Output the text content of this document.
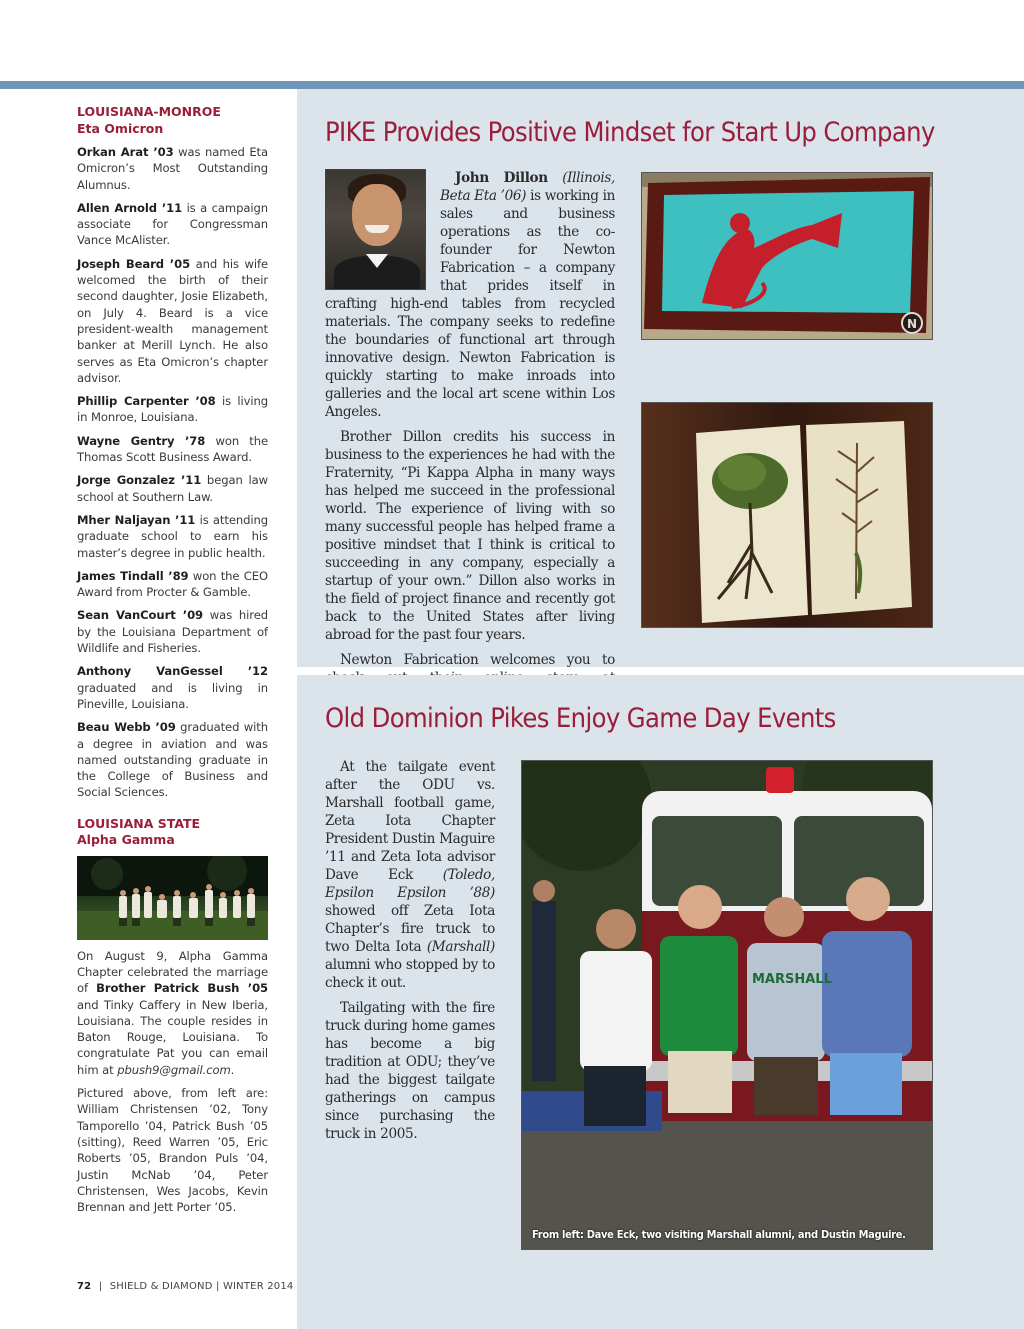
LOUISIANA-MONROE
Eta Omicron
Orkan Arat ’03 was named Eta Omicron’s Most Outstanding Alumnus.
Allen Arnold ’11 is a campaign associate for Congressman Vance McAlister.
Joseph Beard ’05 and his wife welcomed the birth of their second daughter, Josie Elizabeth, on July 4. Beard is a vice president-wealth management banker at Merill Lynch. He also serves as Eta Omicron’s chapter advisor.
Phillip Carpenter ’08 is living in Monroe, Louisiana.
Wayne Gentry ’78 won the Thomas Scott Business Award.
Jorge Gonzalez ’11 began law school at Southern Law.
Mher Naljayan ’11 is attending graduate school to earn his master’s degree in public health.
James Tindall ’89 won the CEO Award from Procter & Gamble.
Sean VanCourt ’09 was hired by the Louisiana Department of Wildlife and Fisheries.
Anthony VanGessel ’12 graduated and is living in Pineville, Louisiana.
Beau Webb ’09 graduated with a degree in aviation and was named outstanding graduate in the College of Business and Social Sciences.
LOUISIANA STATE
Alpha Gamma
On August 9, Alpha Gamma Chapter celebrated the marriage of Brother Patrick Bush ’05 and Tinky Caffery in New Iberia, Louisiana. The couple resides in Baton Rouge, Louisiana. To congratulate Pat you can email him at pbush9@gmail.com.
Pictured above, from left are: William Christensen ’02, Tony Tamporello ’04, Patrick Bush ’05 (sitting), Reed Warren ’05, Eric Roberts ’05, Brandon Puls ’04, Justin McNab ’04, Peter Christensen, Wes Jacobs, Kevin Brennan and Jett Porter ’05.
72 | SHIELD & DIAMOND | WINTER 2014
PIKE Provides Positive Mindset for Start Up Company

John Dillon (Illinois, Beta Eta ’06) is working in sales and business operations as the co-founder for Newton Fabrication – a company that prides itself in crafting high-end tables from recycled materials. The company seeks to redefine the boundaries of functional art through innovative design. Newton Fabrication is quickly starting to make inroads into galleries and the local art scene within Los Angeles.

Brother Dillon credits his success in business to the experiences he had with the Fraternity, “Pi Kappa Alpha in many ways has helped me succeed in the professional world. The experience of living with so many successful people has helped frame a positive mindset that I think is critical to succeeding in any company, especially a startup of your own.” Dillon also works in the field of project finance and recently got back to the United States after living abroad for the past four years.

Newton Fabrication welcomes you to

N
Old Dominion Pikes Enjoy Game Day Events

At the tailgate event after the ODU vs. Marshall football game, Zeta Iota Chapter President Dustin Maguire ’11 and Zeta Iota advisor Dave Eck (Toledo, Epsilon Epsilon ’88) showed off Zeta Iota Chapter’s fire truck to two Delta Iota (Marshall) alumni who stopped by to check it out.

Tailgating with the fire truck during home games has become a big tradition at ODU; they’ve had the biggest tailgate gatherings on campus since purchasing the truck in 2005.

MARSHALL
From left: Dave Eck, two visiting Marshall alumni, and Dustin Maguire.
